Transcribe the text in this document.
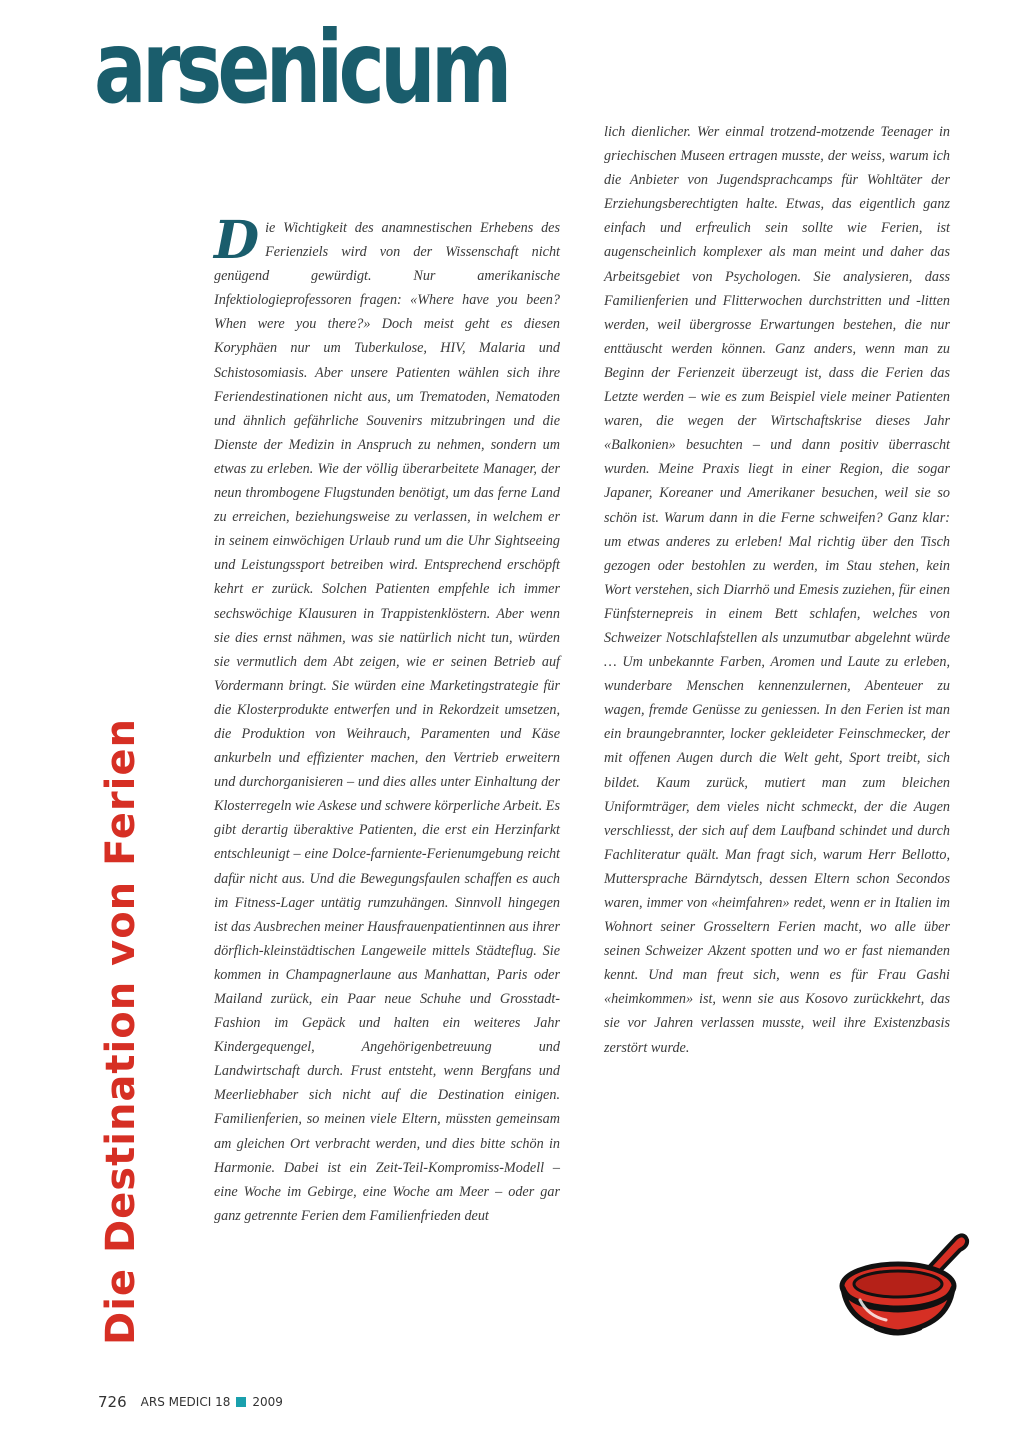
arsenicum
Die Destination von Ferien
Die Wichtigkeit des anamnestischen Erhebens des Ferienziels wird von der Wissenschaft nicht genügend gewürdigt. Nur amerikanische Infektiologieprofessoren fragen: «Where have you been? When were you there?» Doch meist geht es diesen Koryphäen nur um Tuberkulose, HIV, Malaria und Schistosomiasis. Aber unsere Patienten wählen sich ihre Feriendestinationen nicht aus, um Trematoden, Nematoden und ähnlich gefährliche Souvenirs mitzubringen und die Dienste der Medizin in Anspruch zu nehmen, sondern um etwas zu erleben. Wie der völlig überarbeitete Manager, der neun thrombogene Flugstunden benötigt, um das ferne Land zu erreichen, beziehungsweise zu verlassen, in welchem er in seinem einwöchigen Urlaub rund um die Uhr Sightseeing und Leistungssport betreiben wird. Entsprechend erschöpft kehrt er zurück. Solchen Patienten empfehle ich immer sechswöchige Klausuren in Trappistenklöstern. Aber wenn sie dies ernst nähmen, was sie natürlich nicht tun, würden sie vermutlich dem Abt zeigen, wie er seinen Betrieb auf Vordermann bringt. Sie würden eine Marketingstrategie für die Klosterprodukte entwerfen und in Rekordzeit umsetzen, die Produktion von Weihrauch, Paramenten und Käse ankurbeln und effizienter machen, den Vertrieb erweitern und durchorganisieren – und dies alles unter Einhaltung der Klosterregeln wie Askese und schwere körperliche Arbeit. Es gibt derartig überaktive Patienten, die erst ein Herzinfarkt entschleunigt – eine Dolce-farniente-Ferienumgebung reicht dafür nicht aus. Und die Bewegungsfaulen schaffen es auch im Fitness-Lager untätig rumzuhängen. Sinnvoll hingegen ist das Ausbrechen meiner Hausfrauenpatientinnen aus ihrer dörflich-kleinstädtischen Langeweile mittels Städteflug. Sie kommen in Champagnerlaune aus Manhattan, Paris oder Mailand zurück, ein Paar neue Schuhe und Grosstadt-Fashion im Gepäck und halten ein weiteres Jahr Kindergequengel, Angehörigenbetreuung und Landwirtschaft durch. Frust entsteht, wenn Bergfans und Meerliebhaber sich nicht auf die Destination einigen. Familienferien, so meinen viele Eltern, müssten gemeinsam am gleichen Ort verbracht werden, und dies bitte schön in Harmonie. Dabei ist ein Zeit-Teil-Kompromiss-Modell – eine Woche im Gebirge, eine Woche am Meer – oder gar ganz getrennte Ferien dem Familienfrieden deut
lich dienlicher. Wer einmal trotzend-motzende Teenager in griechischen Museen ertragen musste, der weiss, warum ich die Anbieter von Jugendsprachcamps für Wohltäter der Erziehungsberechtigten halte. Etwas, das eigentlich ganz einfach und erfreulich sein sollte wie Ferien, ist augenscheinlich komplexer als man meint und daher das Arbeitsgebiet von Psychologen. Sie analysieren, dass Familienferien und Flitterwochen durchstritten und -litten werden, weil übergrosse Erwartungen bestehen, die nur enttäuscht werden können. Ganz anders, wenn man zu Beginn der Ferienzeit überzeugt ist, dass die Ferien das Letzte werden – wie es zum Beispiel viele meiner Patienten waren, die wegen der Wirtschaftskrise dieses Jahr «Balkonien» besuchten – und dann positiv überrascht wurden. Meine Praxis liegt in einer Region, die sogar Japaner, Koreaner und Amerikaner besuchen, weil sie so schön ist. Warum dann in die Ferne schweifen? Ganz klar: um etwas anderes zu erleben! Mal richtig über den Tisch gezogen oder bestohlen zu werden, im Stau stehen, kein Wort verstehen, sich Diarrhö und Emesis zuziehen, für einen Fünfsternepreis in einem Bett schlafen, welches von Schweizer Notschlafstellen als unzumutbar abgelehnt würde … Um unbekannte Farben, Aromen und Laute zu erleben, wunderbare Menschen kennenzulernen, Abenteuer zu wagen, fremde Genüsse zu geniessen. In den Ferien ist man ein braungebrannter, locker gekleideter Feinschmecker, der mit offenen Augen durch die Welt geht, Sport treibt, sich bildet. Kaum zurück, mutiert man zum bleichen Uniformträger, dem vieles nicht schmeckt, der die Augen verschliesst, der sich auf dem Laufband schindet und durch Fachliteratur quält. Man fragt sich, warum Herr Bellotto, Muttersprache Bärndytsch, dessen Eltern schon Secondos waren, immer von «heimfahren» redet, wenn er in Italien im Wohnort seiner Grosseltern Ferien macht, wo alle über seinen Schweizer Akzent spotten und wo er fast niemanden kennt. Und man freut sich, wenn es für Frau Gashi «heimkommen» ist, wenn sie aus Kosovo zurückkehrt, das sie vor Jahren verlassen musste, weil ihre Existenzbasis zerstört wurde.
726 ARS MEDICI 18 2009
